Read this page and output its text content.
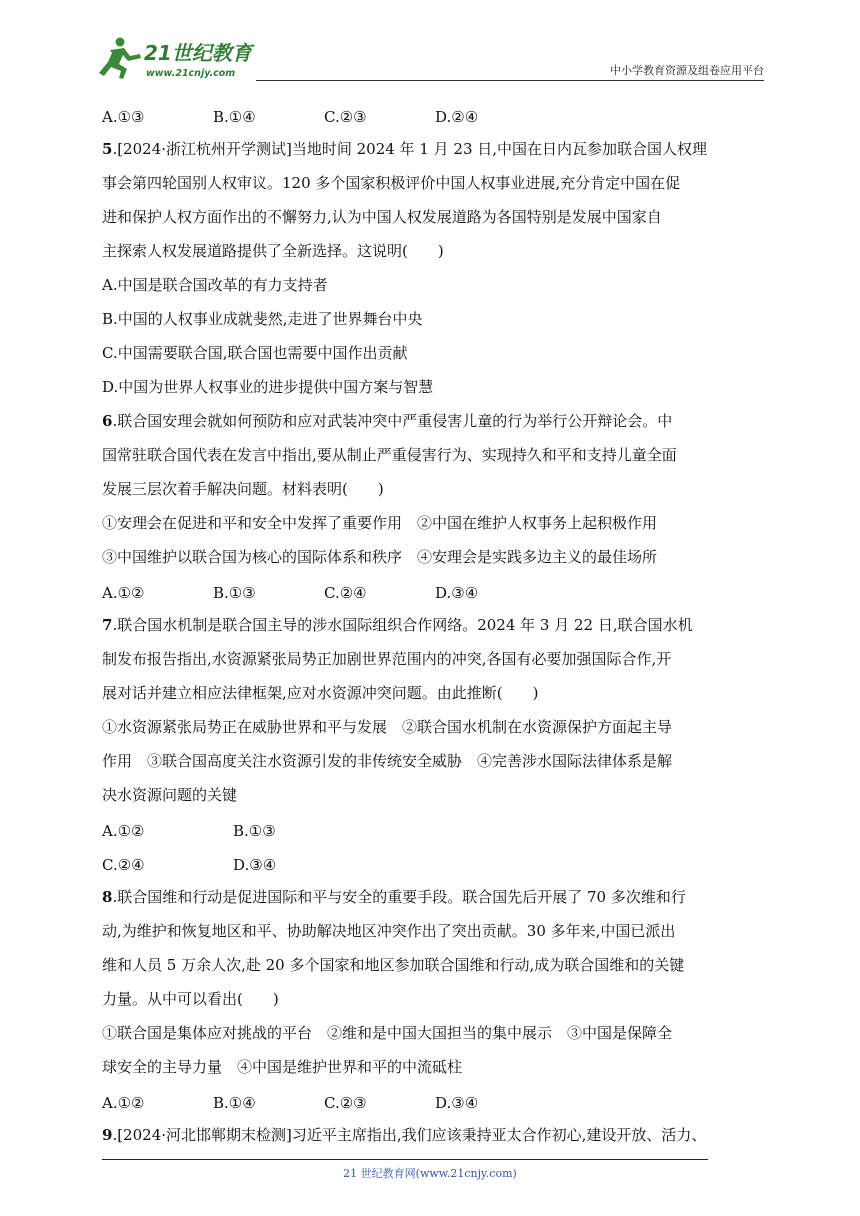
21世纪教育
www.21cnjy.com	中小学教育资源及组卷应用平台
A.①③	B.①④	C.②③	D.②④
5.[2024·浙江杭州开学测试]当地时间 2024 年 1 月 23 日,中国在日内瓦参加联合国人权理
事会第四轮国别人权审议。120 多个国家积极评价中国人权事业进展,充分肯定中国在促
进和保护人权方面作出的不懈努力,认为中国人权发展道路为各国特别是发展中国家自
主探索人权发展道路提供了全新选择。这说明(　　)
A.中国是联合国改革的有力支持者
B.中国的人权事业成就斐然,走进了世界舞台中央
C.中国需要联合国,联合国也需要中国作出贡献
D.中国为世界人权事业的进步提供中国方案与智慧
6.联合国安理会就如何预防和应对武装冲突中严重侵害儿童的行为举行公开辩论会。中
国常驻联合国代表在发言中指出,要从制止严重侵害行为、实现持久和平和支持儿童全面
发展三层次着手解决问题。材料表明(　　)
①安理会在促进和平和安全中发挥了重要作用　②中国在维护人权事务上起积极作用
③中国维护以联合国为核心的国际体系和秩序　④安理会是实践多边主义的最佳场所
A.①②	B.①③	C.②④	D.③④
7.联合国水机制是联合国主导的涉水国际组织合作网络。2024 年 3 月 22 日,联合国水机
制发布报告指出,水资源紧张局势正加剧世界范围内的冲突,各国有必要加强国际合作,开
展对话并建立相应法律框架,应对水资源冲突问题。由此推断(　　)
①水资源紧张局势正在威胁世界和平与发展　②联合国水机制在水资源保护方面起主导
作用　③联合国高度关注水资源引发的非传统安全威胁　④完善涉水国际法律体系是解
决水资源问题的关键
A.①②	B.①③
C.②④	D.③④
8.联合国维和行动是促进国际和平与安全的重要手段。联合国先后开展了 70 多次维和行
动,为维护和恢复地区和平、协助解决地区冲突作出了突出贡献。30 多年来,中国已派出
维和人员 5 万余人次,赴 20 多个国家和地区参加联合国维和行动,成为联合国维和的关键
力量。从中可以看出(　　)
①联合国是集体应对挑战的平台　②维和是中国大国担当的集中展示　③中国是保障全
球安全的主导力量　④中国是维护世界和平的中流砥柱
A.①②	B.①④	C.②③	D.③④
9.[2024·河北邯郸期末检测]习近平主席指出,我们应该秉持亚太合作初心,建设开放、活力、
21 世纪教育网(www.21cnjy.com)
